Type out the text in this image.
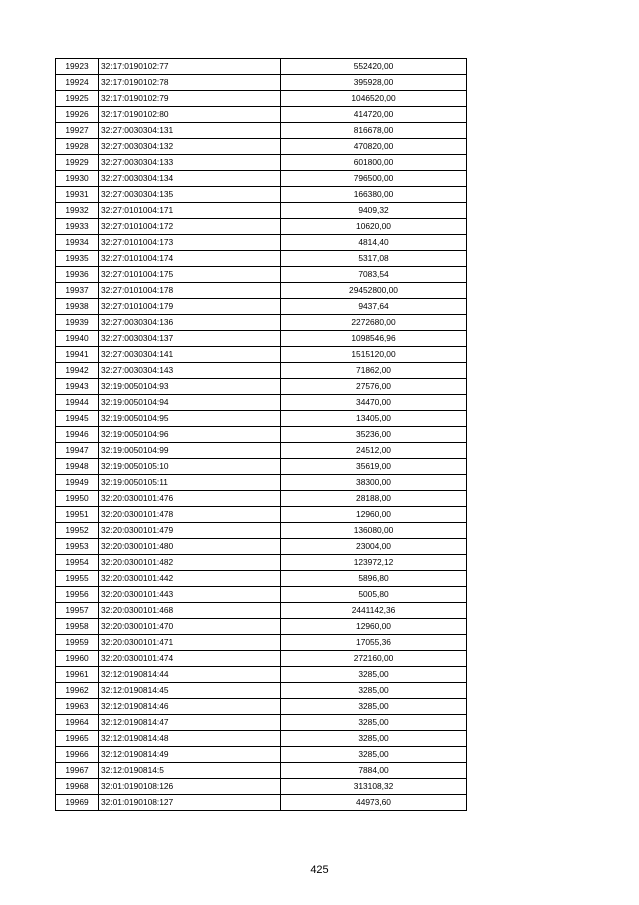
19923	32:17:0190102:77	552420,00
19924	32:17:0190102:78	395928,00
19925	32:17:0190102:79	1046520,00
19926	32:17:0190102:80	414720,00
19927	32:27:0030304:131	816678,00
19928	32:27:0030304:132	470820,00
19929	32:27:0030304:133	601800,00
19930	32:27:0030304:134	796500,00
19931	32:27:0030304:135	166380,00
19932	32:27:0101004:171	9409,32
19933	32:27:0101004:172	10620,00
19934	32:27:0101004:173	4814,40
19935	32:27:0101004:174	5317,08
19936	32:27:0101004:175	7083,54
19937	32:27:0101004:178	29452800,00
19938	32:27:0101004:179	9437,64
19939	32:27:0030304:136	2272680,00
19940	32:27:0030304:137	1098546,96
19941	32:27:0030304:141	1515120,00
19942	32:27:0030304:143	71862,00
19943	32:19:0050104:93	27576,00
19944	32:19:0050104:94	34470,00
19945	32:19:0050104:95	13405,00
19946	32:19:0050104:96	35236,00
19947	32:19:0050104:99	24512,00
19948	32:19:0050105:10	35619,00
19949	32:19:0050105:11	38300,00
19950	32:20:0300101:476	28188,00
19951	32:20:0300101:478	12960,00
19952	32:20:0300101:479	136080,00
19953	32:20:0300101:480	23004,00
19954	32:20:0300101:482	123972,12
19955	32:20:0300101:442	5896,80
19956	32:20:0300101:443	5005,80
19957	32:20:0300101:468	2441142,36
19958	32:20:0300101:470	12960,00
19959	32:20:0300101:471	17055,36
19960	32:20:0300101:474	272160,00
19961	32:12:0190814:44	3285,00
19962	32:12:0190814:45	3285,00
19963	32:12:0190814:46	3285,00
19964	32:12:0190814:47	3285,00
19965	32:12:0190814:48	3285,00
19966	32:12:0190814:49	3285,00
19967	32:12:0190814:5	7884,00
19968	32:01:0190108:126	313108,32
19969	32:01:0190108:127	44973,60
425
